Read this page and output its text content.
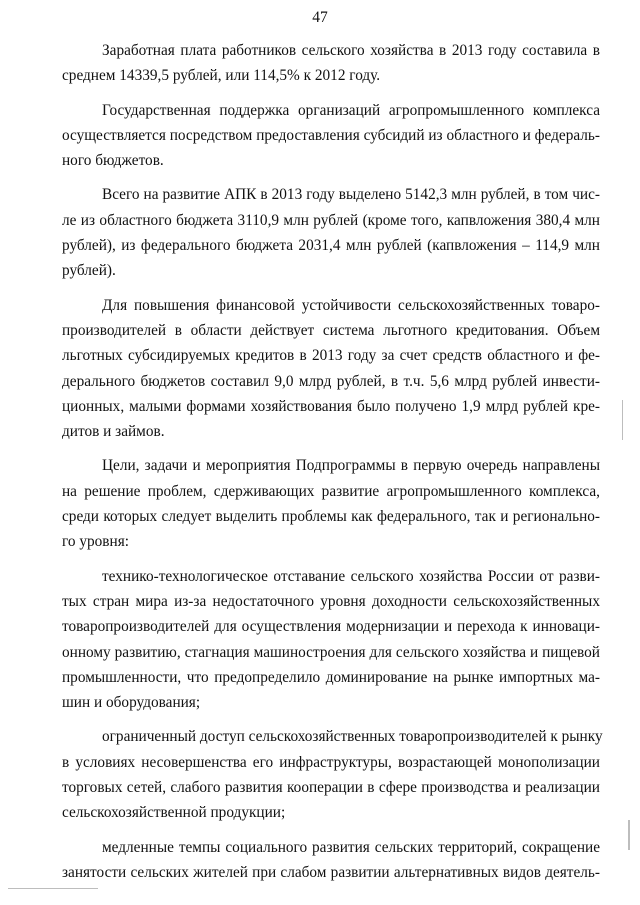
47

Заработная плата работников сельского хозяйства в 2013 году составила в
среднем 14339,5 рублей, или 114,5% к 2012 году.

Государственная поддержка организаций агропромышленного комплекса
осуществляется посредством предоставления субсидий из областного и федераль-
ного бюджетов.

Всего на развитие АПК в 2013 году выделено 5142,3 млн рублей, в том чис-
ле из областного бюджета 3110,9 млн рублей (кроме того, капвложения 380,4 млн
рублей), из федерального бюджета 2031,4 млн рублей (капвложения – 114,9 млн
рублей).

Для повышения финансовой устойчивости сельскохозяйственных товаро-
производителей в области действует система льготного кредитования. Объем
льготных субсидируемых кредитов в 2013 году за счет средств областного и фе-
дерального бюджетов составил 9,0 млрд рублей, в т.ч. 5,6 млрд рублей инвести-
ционных, малыми формами хозяйствования было получено 1,9 млрд рублей кре-
дитов и займов.

Цели, задачи и мероприятия Подпрограммы в первую очередь направлены
на решение проблем, сдерживающих развитие агропромышленного комплекса,
среди которых следует выделить проблемы как федерального, так и регионально-
го уровня:

технико-технологическое отставание сельского хозяйства России от разви-
тых стран мира из-за недостаточного уровня доходности сельскохозяйственных
товаропроизводителей для осуществления модернизации и перехода к инноваци-
онному развитию, стагнация машиностроения для сельского хозяйства и пищевой
промышленности, что предопределило доминирование на рынке импортных ма-
шин и оборудования;

ограниченный доступ сельскохозяйственных товаропроизводителей к рынку
в условиях несовершенства его инфраструктуры, возрастающей монополизации
торговых сетей, слабого развития кооперации в сфере производства и реализации
сельскохозяйственной продукции;

медленные темпы социального развития сельских территорий, сокращение
занятости сельских жителей при слабом развитии альтернативных видов деятель-
